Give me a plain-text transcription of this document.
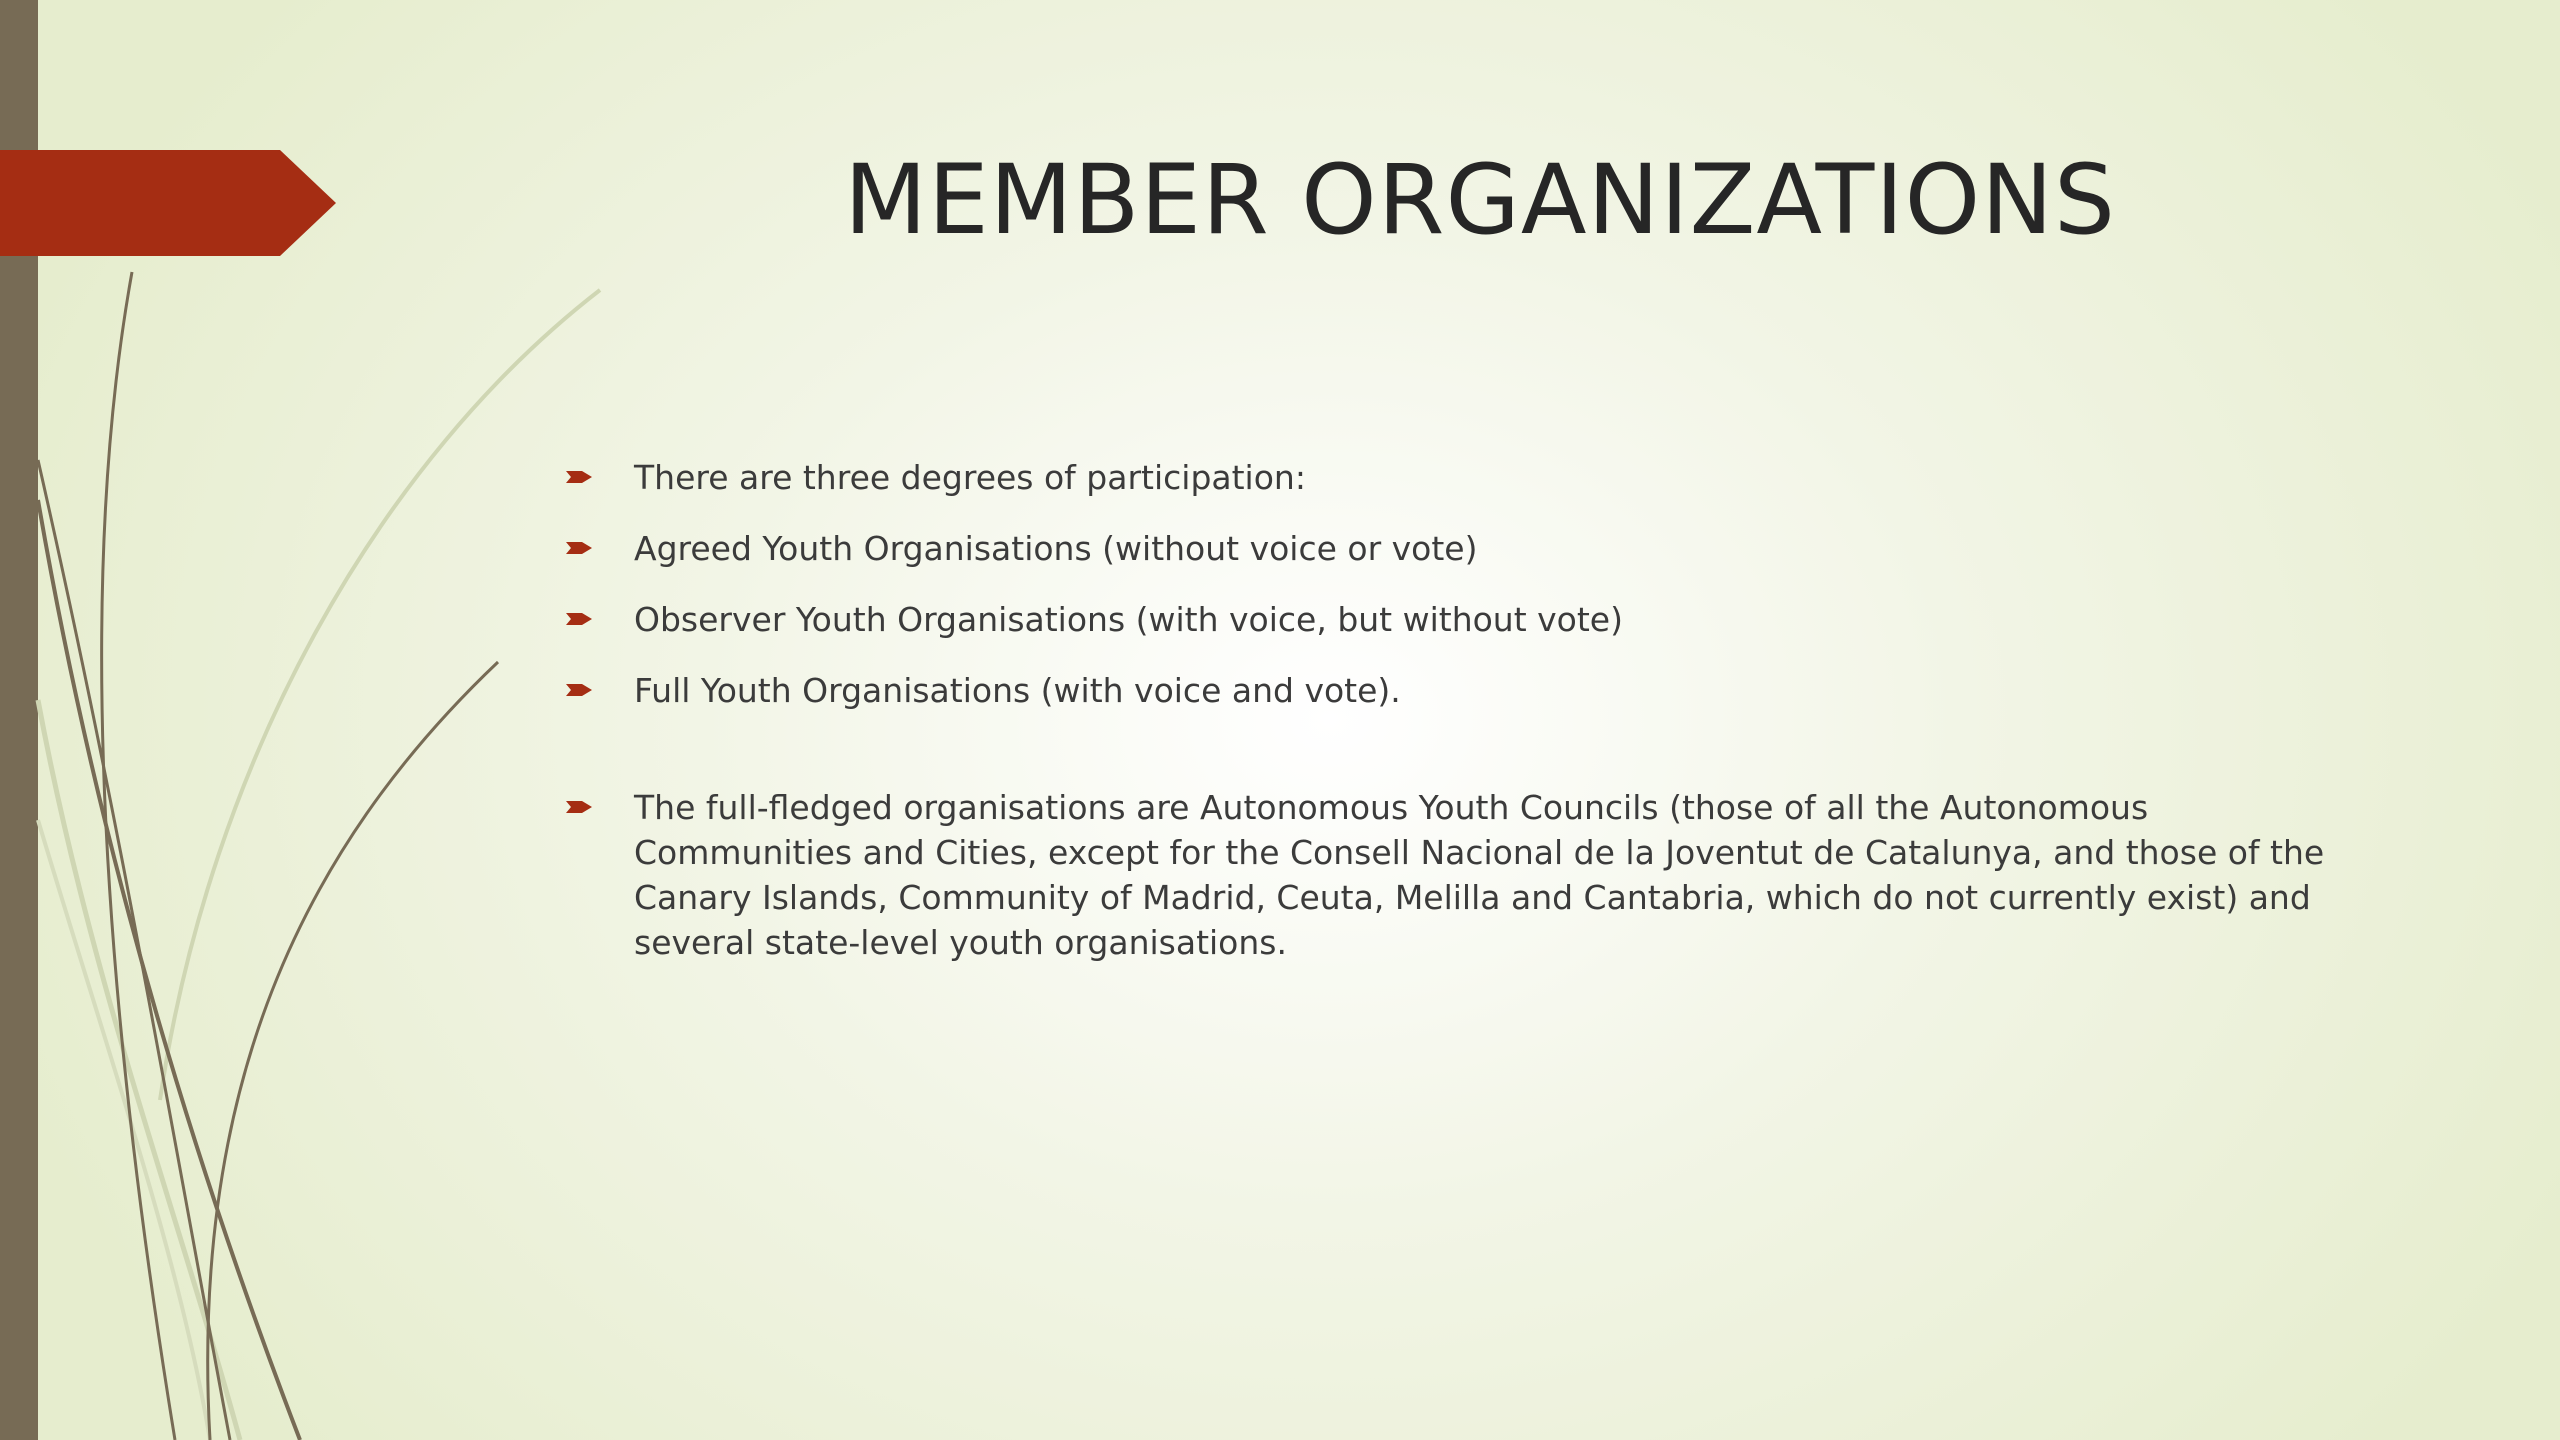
MEMBER ORGANIZATIONS
There are three degrees of participation:
Agreed Youth Organisations (without voice or vote)
Observer Youth Organisations (with voice, but without vote)
Full Youth Organisations (with voice and vote).
The full-fledged organisations are Autonomous Youth Councils (those of all the Autonomous Communities and Cities, except for the Consell Nacional de la Joventut de Catalunya, and those of the Canary Islands, Community of Madrid, Ceuta, Melilla and Cantabria, which do not currently exist) and several state-level youth organisations.
